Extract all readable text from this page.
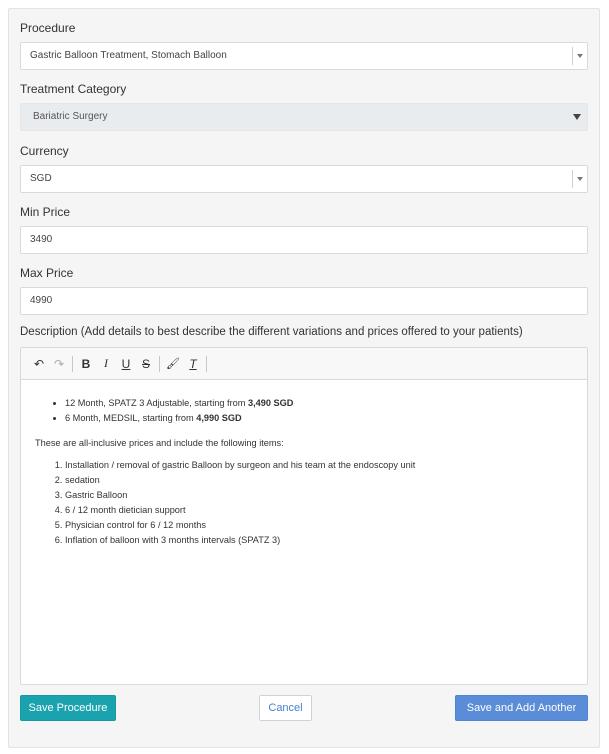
Procedure
Gastric Balloon Treatment, Stomach Balloon
Treatment Category
Bariatric Surgery
Currency
SGD
Min Price
3490
Max Price
4990
Description (Add details to best describe the different variations and prices offered to your patients)
↶ ↷	B	I	U S	🖌 T
• 12 Month, SPATZ 3 Adjustable, starting from 3,490 SGD
• 6 Month, MEDSIL, starting from 4,990 SGD

These are all-inclusive prices and include the following items:

1. Installation / removal of gastric Balloon by surgeon and his team at the endoscopy unit
2. sedation
3. Gastric Balloon
4. 6 / 12 month dietician support
5. Physician control for 6 / 12 months
6. Inflation of balloon with 3 months intervals (SPATZ 3)
Save Procedure	Cancel	Save and Add Another
